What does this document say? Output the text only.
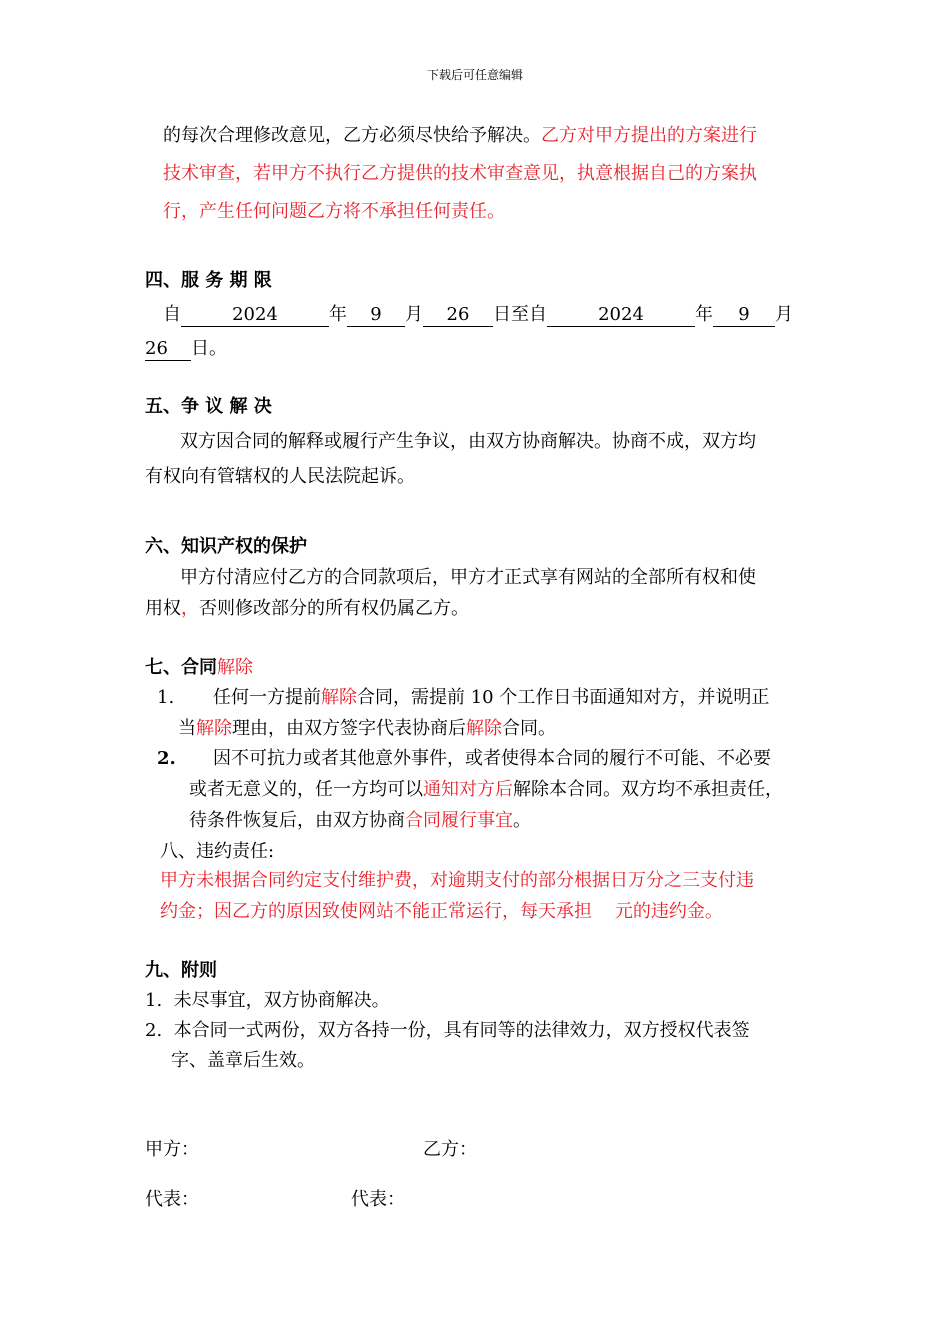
下载后可任意编辑
的每次合理修改意见，乙方必须尽快给予解决。乙方对甲方提出的方案进行
技术审查，若甲方不执行乙方提供的技术审查意见，执意根据自己的方案执
行，产生任何问题乙方将不承担任何责任。
四、服 务 期 限
自	2024	年 9 月 26 日至自	2024	年 9 月
26 日。
五、争 议 解 决
双方因合同的解释或履行产生争议，由双方协商解决。协商不成，双方均
有权向有管辖权的人民法院起诉。
六、知识产权的保护
甲方付清应付乙方的合同款项后，甲方才正式享有网站的全部所有权和使
用权，否则修改部分的所有权仍属乙方。
七、合同解除
1. 任何一方提前解除合同，需提前 10 个工作日书面通知对方，并说明正
当解除理由，由双方签字代表协商后解除合同。
2. 因不可抗力或者其他意外事件，或者使得本合同的履行不可能、不必要
或者无意义的，任一方均可以通知对方后解除本合同。双方均不承担责任，
待条件恢复后，由双方协商合同履行事宜。
八、违约责任:
甲方未根据合同约定支付维护费，对逾期支付的部分根据日万分之三支付违
约金；因乙方的原因致使网站不能正常运行，每天承担    元的违约金。
九、附则
1.  未尽事宜，双方协商解决。
2.  本合同一式两份，双方各持一份，具有同等的法律效力，双方授权代表签
字、盖章后生效。
甲方：	乙方：
代表：	代表：
